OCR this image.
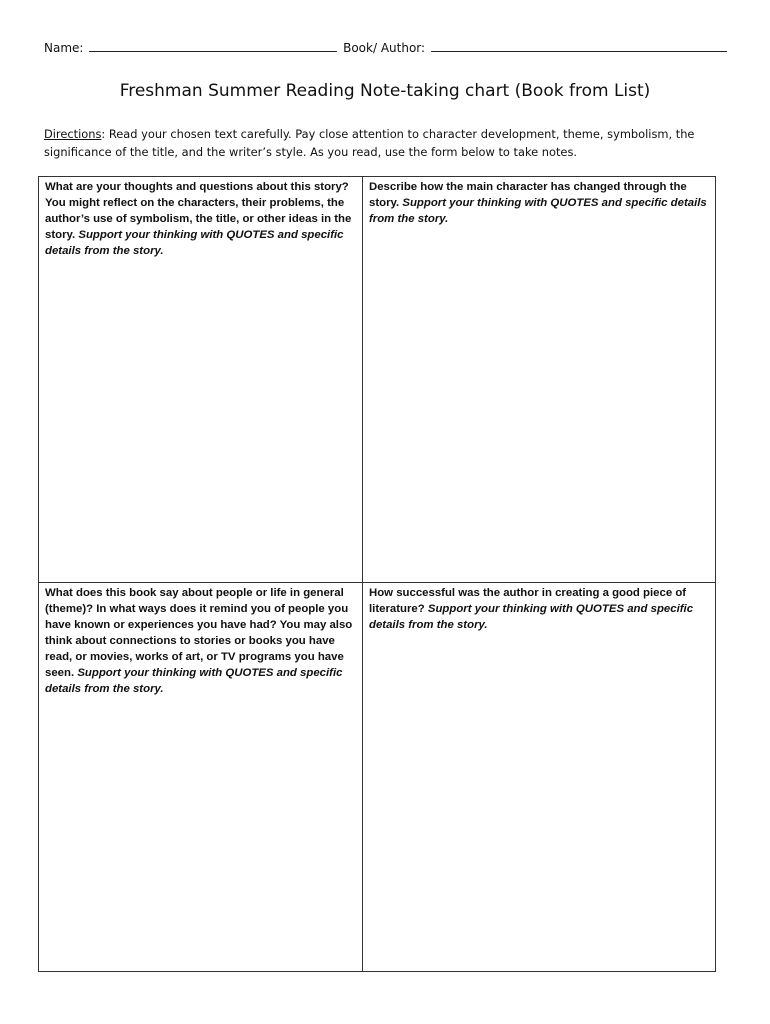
Name:	Book/ Author:
Freshman Summer Reading Note-taking chart (Book from List)
Directions: Read your chosen text carefully. Pay close attention to character development, theme, symbolism, the significance of the title, and the writer’s style. As you read, use the form below to take notes.
What are your thoughts and questions about this story? You might reflect on the characters, their problems, the author’s use of symbolism, the title, or other ideas in the story. Support your thinking with QUOTES and specific details from the story.
Describe how the main character has changed through the story. Support your thinking with QUOTES and specific details from the story.
What does this book say about people or life in general (theme)? In what ways does it remind you of people you have known or experiences you have had? You may also think about connections to stories or books you have read, or movies, works of art, or TV programs you have seen. Support your thinking with QUOTES and specific details from the story.
How successful was the author in creating a good piece of literature? Support your thinking with QUOTES and specific details from the story.
